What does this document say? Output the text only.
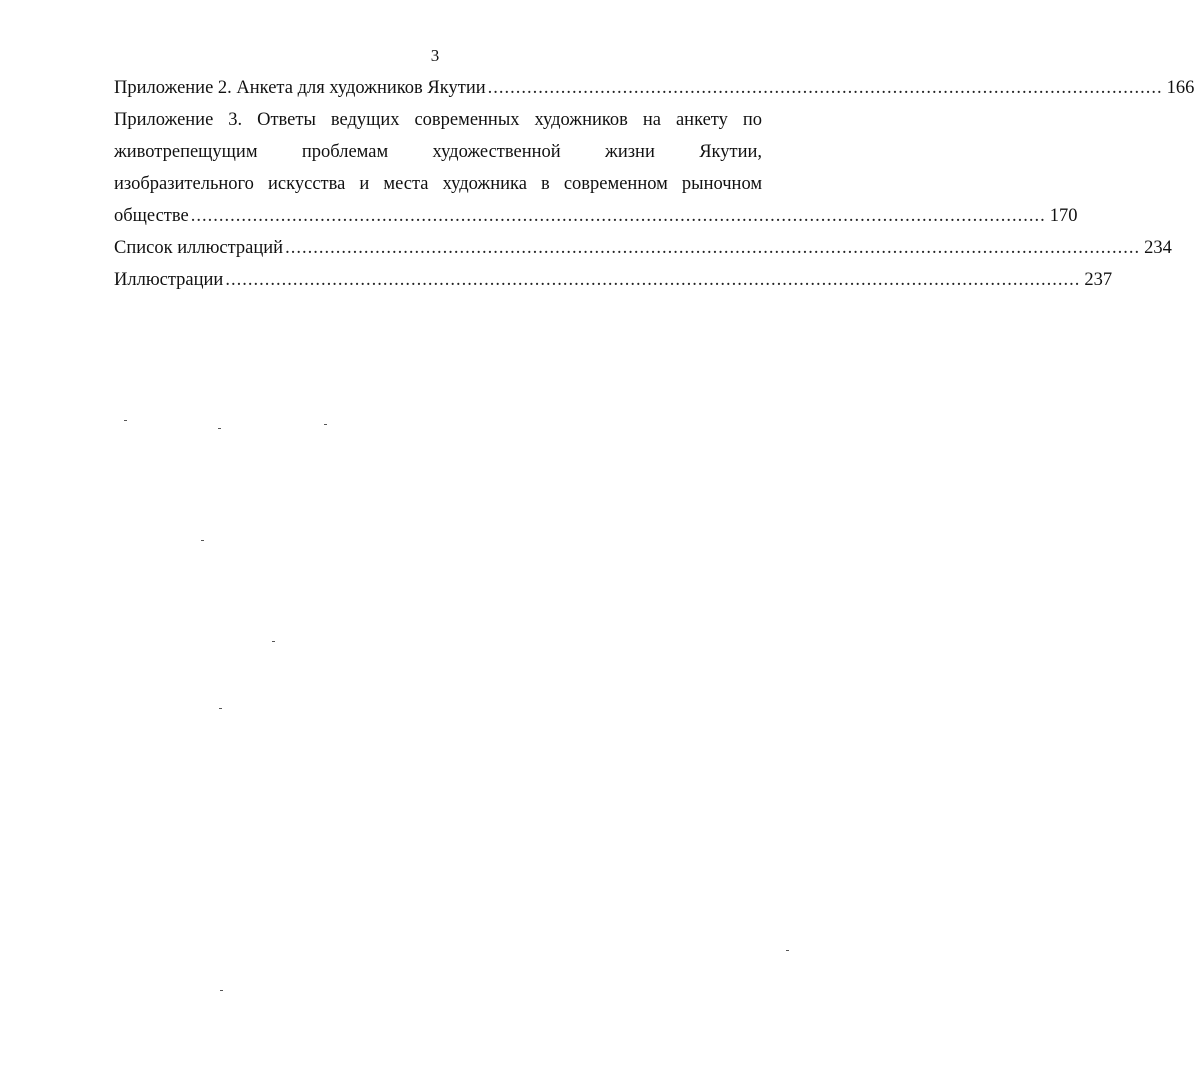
3
Приложение 2. Анкета для художников Якутии ........................................................................................................................ 166
Приложение 3. Ответы ведущих современных художников на анкету по
животрепещущим проблемам художественной жизни Якутии,
изобразительного искусства и места художника в современном рыночном
обществе ........................................................................................................................................................ 170
Список иллюстраций ........................................................................................................................................................ 234
Иллюстрации ........................................................................................................................................................ 237
